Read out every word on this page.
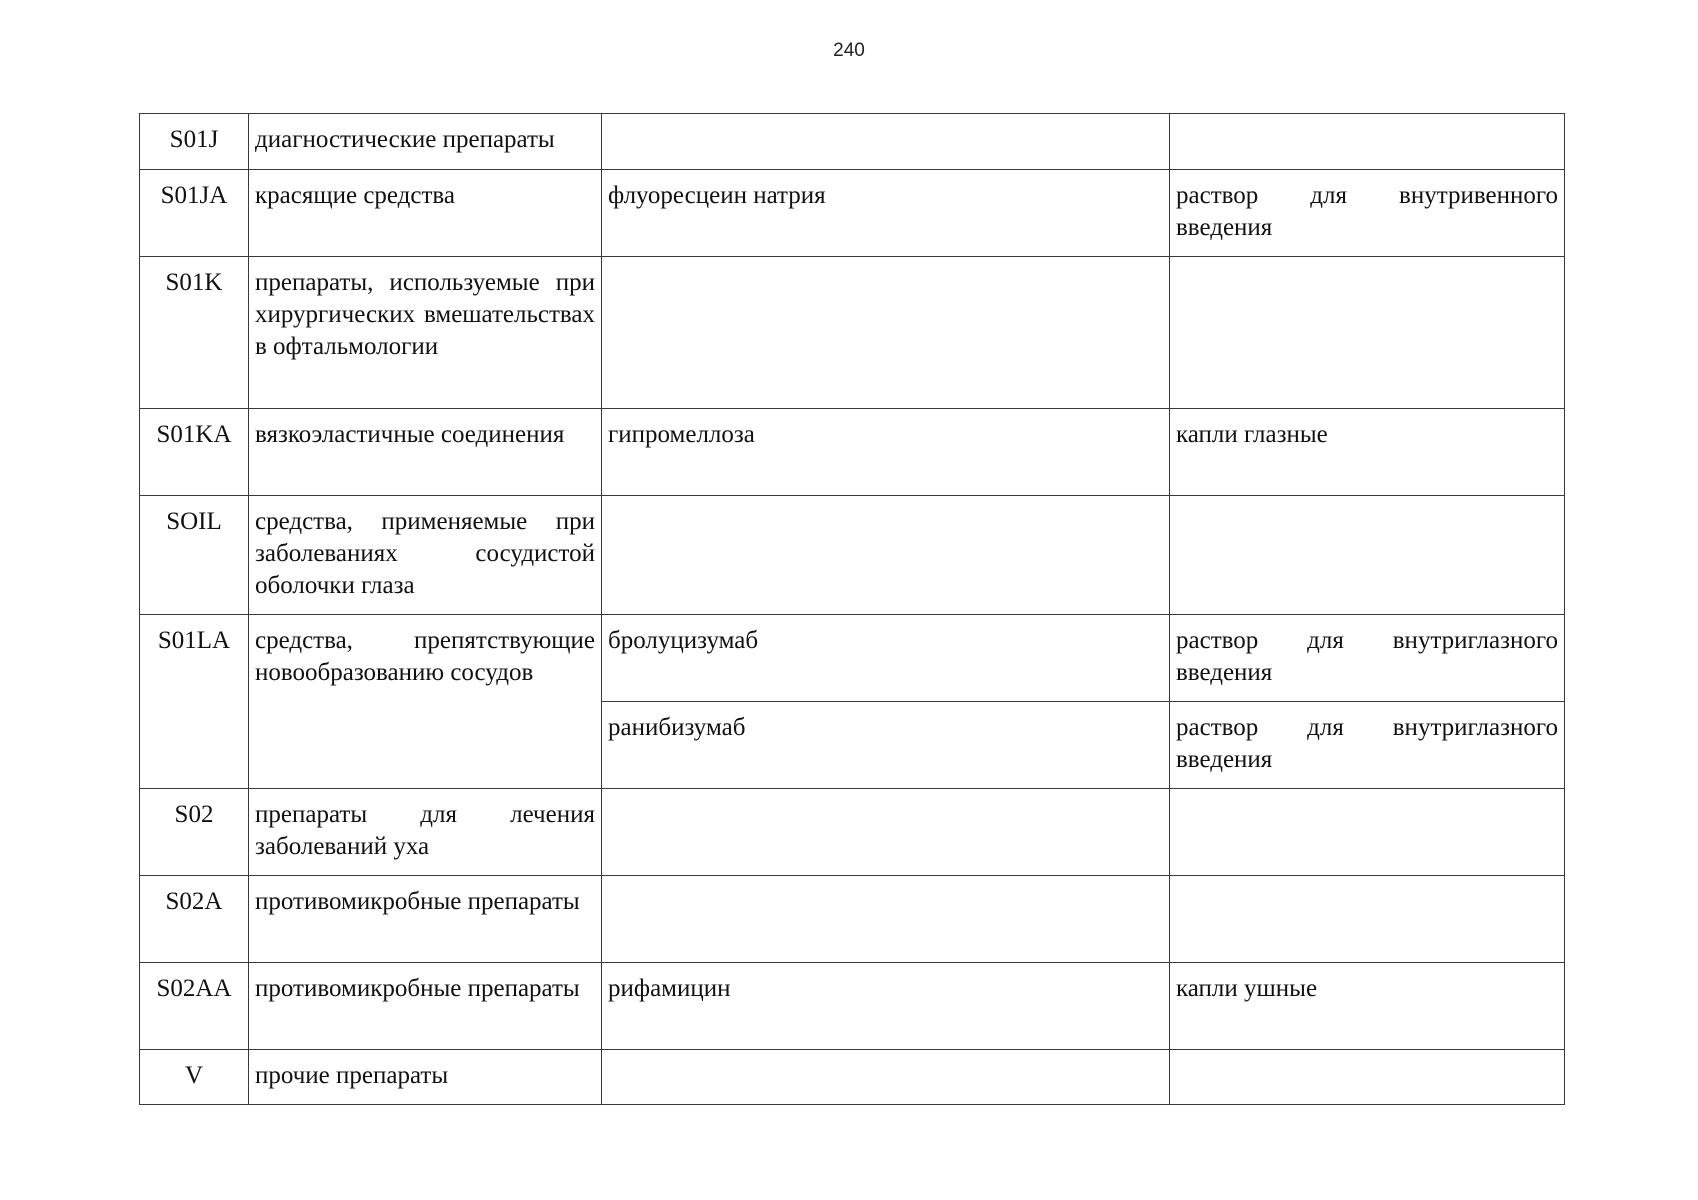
240
S01J	диагностические препараты		

S01JA	красящие средства	флуоресцеин натрия	раствор для внутривенного введения

S01K	препараты, используемые при хирургических вмешательствах в офтальмологии		

S01KA	вязкоэластичные соединения	гипромеллоза	капли глазные

SOIL	средства, применяемые при заболеваниях сосудистой оболочки глаза		

S01LA	средства, препятствующие новообразованию сосудов	бролуцизумаб	раствор для внутриглазного введения

		ранибизумаб	раствор для внутриглазного введения

S02	препараты для лечения заболеваний уха		

S02A	противомикробные препараты		
S02AA	противомикробные препараты	рифамицин	капли ушные
V	прочие препараты		
